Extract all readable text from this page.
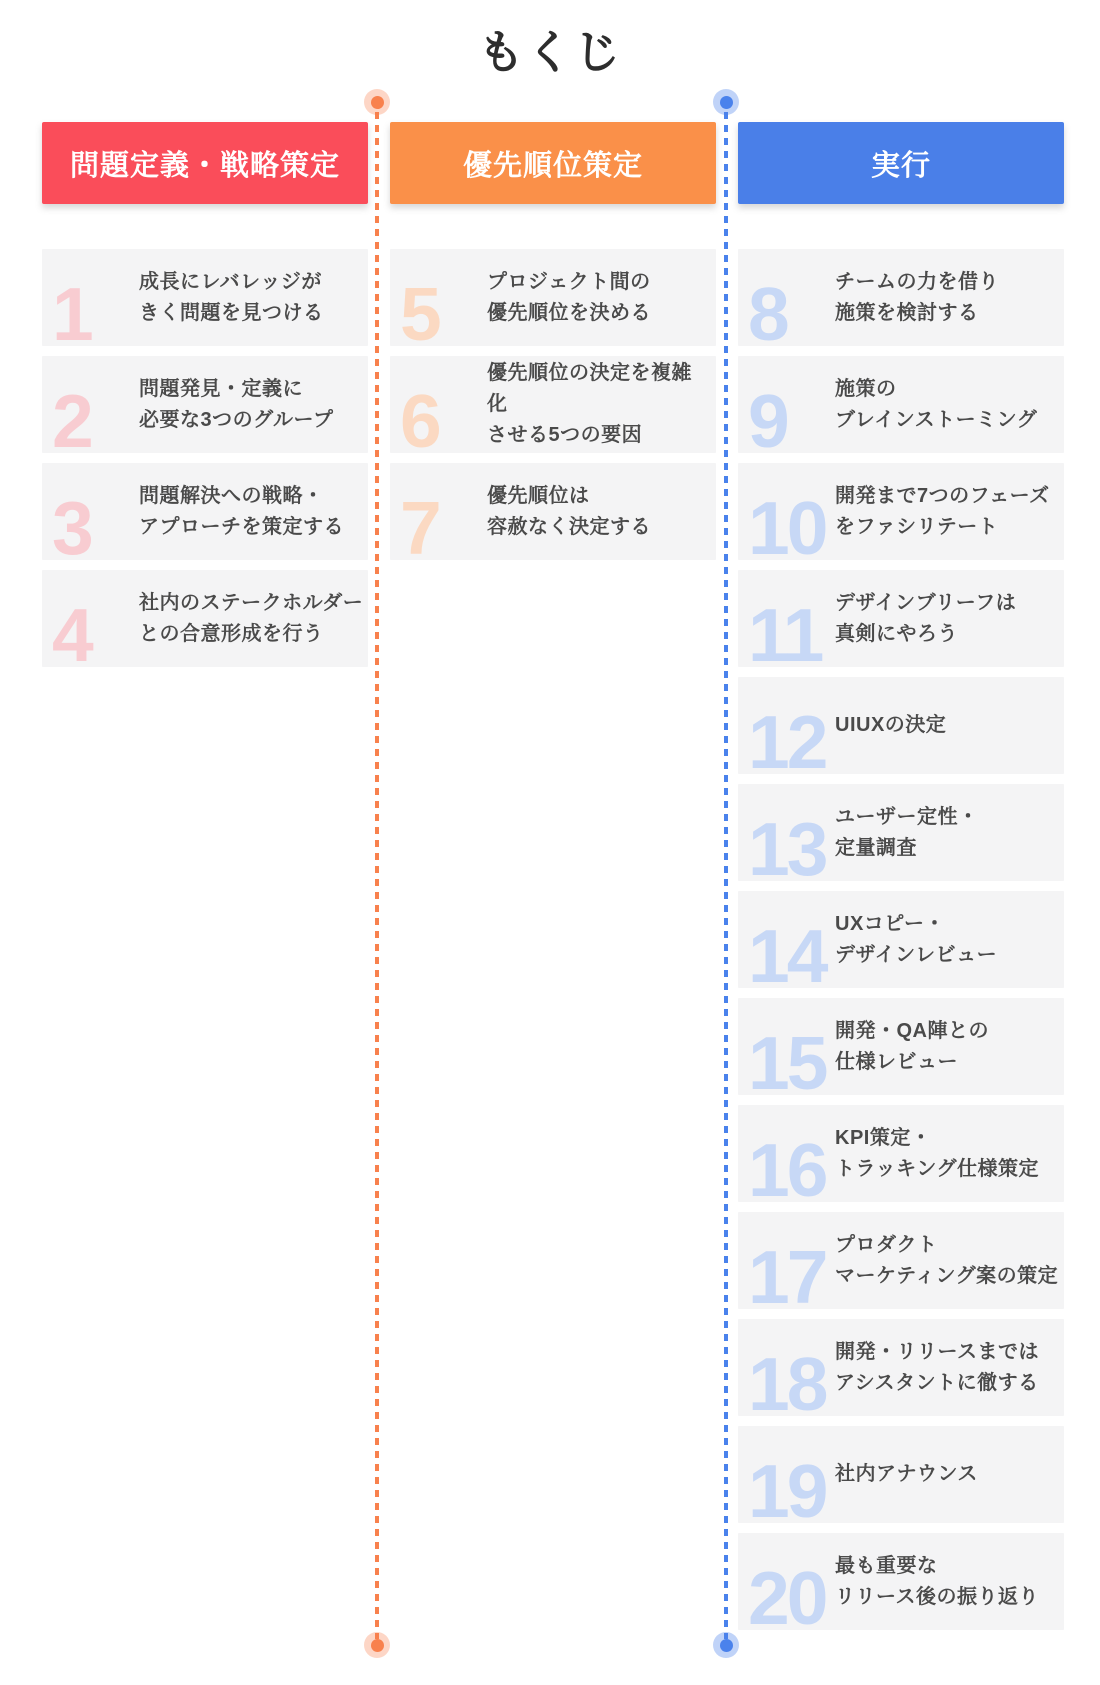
もくじ
問題定義・戦略策定
1 成長にレバレッジが
きく問題を見つける
2 問題発見・定義に
必要な3つのグループ
3 問題解決への戦略・
アプローチを策定する
4 社内のステークホルダー
との合意形成を行う
優先順位策定
5 プロジェクト間の
優先順位を決める
6
優先順位の決定を複雑化
させる5つの要因
7 優先順位は
容赦なく決定する
実行
8 チームの力を借り
施策を検討する
9 施策の
ブレインストーミング
10 開発まで7つのフェーズ
をファシリテート
11 デザインブリーフは
真剣にやろう
12 UIUXの決定
13 ユーザー定性・
定量調査
14 UXコピー・
デザインレビュー
15 開発・QA陣との
仕様レビュー
16 KPI策定・
トラッキング仕様策定
17 プロダクト
マーケティング案の策定
18 開発・リリースまでは
アシスタントに徹する
19 社内アナウンス
20 最も重要な
リリース後の振り返り
